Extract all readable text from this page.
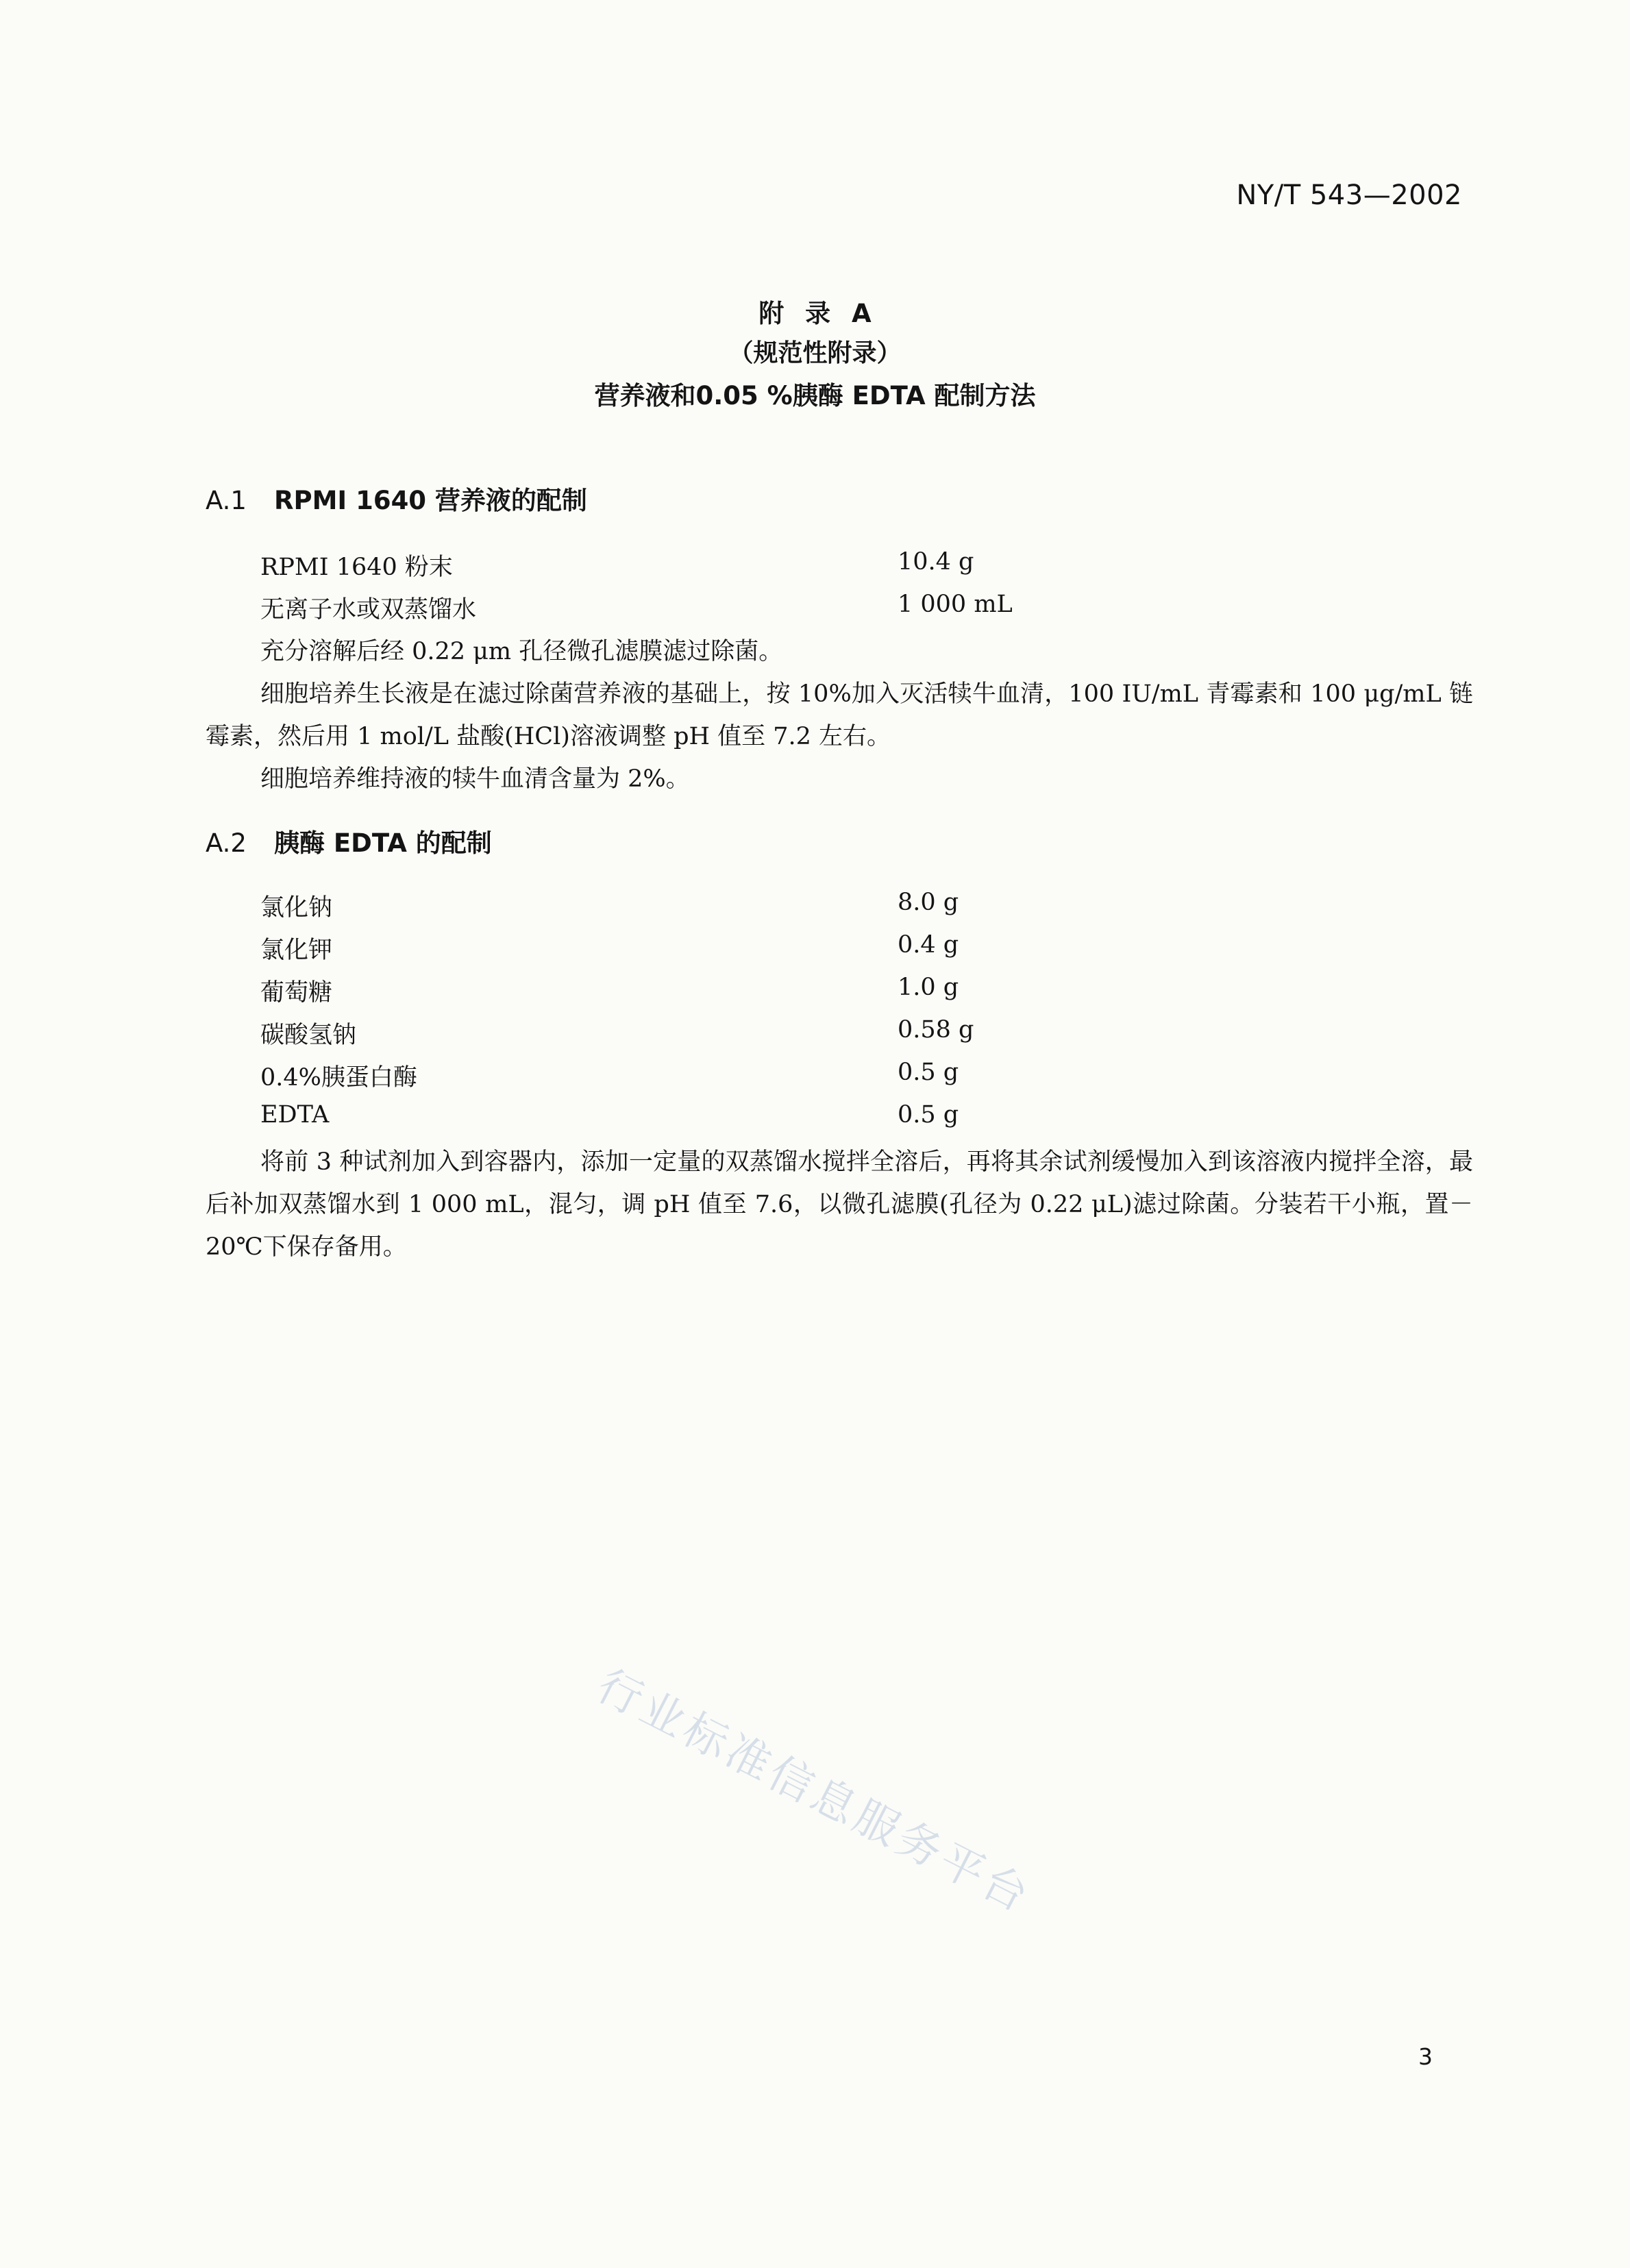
NY/T 543—2002
附 录 A
（规范性附录）
营养液和0.05 %胰酶 EDTA 配制方法
A.1 RPMI 1640 营养液的配制
RPMI 1640 粉末	10.4 g
无离子水或双蒸馏水	1 000 mL

充分溶解后经 0.22 μm 孔径微孔滤膜滤过除菌。

细胞培养生长液是在滤过除菌营养液的基础上，按 10%加入灭活犊牛血清，100 IU/mL 青霉素和 100 μg/mL 链霉素，然后用 1 mol/L 盐酸(HCl)溶液调整 pH 值至 7.2 左右。

细胞培养维持液的犊牛血清含量为 2%。

A.2 胰酶 EDTA 的配制
氯化钠	8.0 g
氯化钾	0.4 g
葡萄糖	1.0 g
碳酸氢钠	0.58 g
0.4%胰蛋白酶	0.5 g
EDTA	0.5 g

将前 3 种试剂加入到容器内，添加一定量的双蒸馏水搅拌全溶后，再将其余试剂缓慢加入到该溶液内搅拌全溶，最后补加双蒸馏水到 1 000 mL，混匀，调 pH 值至 7.6，以微孔滤膜(孔径为 0.22 μL)滤过除菌。分装若干小瓶，置－20℃下保存备用。

行业标准信息服务平台
3
